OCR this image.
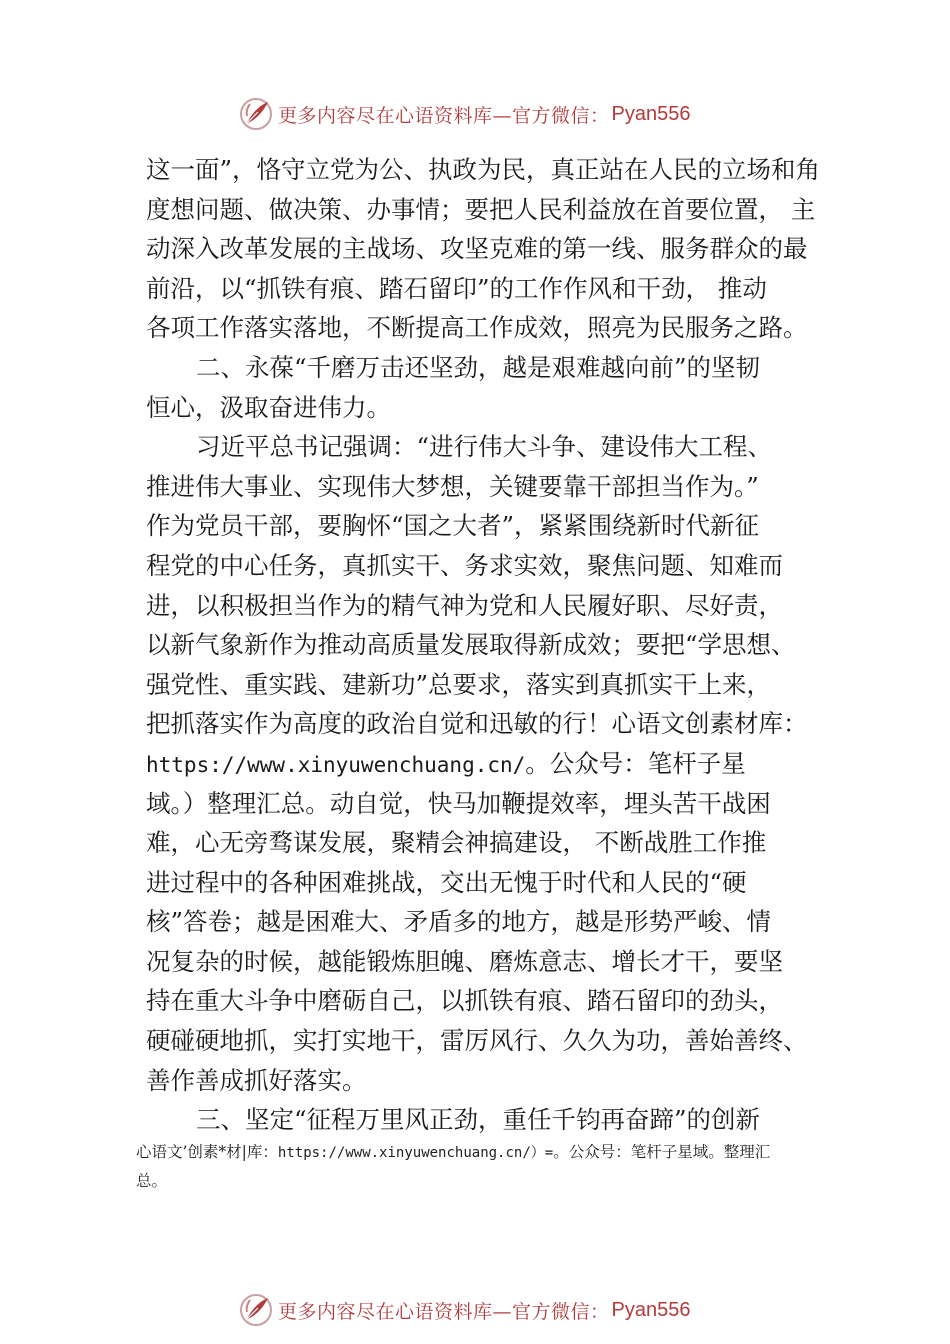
更多内容尽在心语资料库—官方微信： Pyan556
这一面”，恪守立党为公、执政为民，真正站在人民的立场和角
度想问题、做决策、办事情；要把人民利益放在首要位置， 主
动深入改革发展的主战场、攻坚克难的第一线、服务群众的最
前沿，以“抓铁有痕、踏石留印”的工作作风和干劲， 推动
各项工作落实落地，不断提高工作成效，照亮为民服务之路。
二、永葆“千磨万击还坚劲，越是艰难越向前”的坚韧
恒心，汲取奋进伟力。
习近平总书记强调：“进行伟大斗争、建设伟大工程、
推进伟大事业、实现伟大梦想，关键要靠干部担当作为。”
作为党员干部，要胸怀“国之大者”，紧紧围绕新时代新征
程党的中心任务，真抓实干、务求实效，聚焦问题、知难而
进，以积极担当作为的精气神为党和人民履好职、尽好责，
以新气象新作为推动高质量发展取得新成效；要把“学思想、
强党性、重实践、建新功”总要求，落实到真抓实干上来，
把抓落实作为高度的政治自觉和迅敏的行！心语文创素材库：
https://www.xinyuwenchuang.cn/。公众号：笔杆子星
域。）整理汇总。动自觉，快马加鞭提效率，埋头苦干战困
难，心无旁骛谋发展，聚精会神搞建设， 不断战胜工作推
进过程中的各种困难挑战，交出无愧于时代和人民的“硬
核”答卷；越是困难大、矛盾多的地方，越是形势严峻、情
况复杂的时候，越能锻炼胆魄、磨炼意志、增长才干，要坚
持在重大斗争中磨砺自己，以抓铁有痕、踏石留印的劲头，
硬碰硬地抓，实打实地干，雷厉风行、久久为功，善始善终、
善作善成抓好落实。
三、坚定“征程万里风正劲，重任千钧再奋蹄”的创新
心语文’创素*材|库：https://www.xinyuwenchuang.cn/）=。公众号：笔杆子星域。整理汇
总。
更多内容尽在心语资料库—官方微信： Pyan556
